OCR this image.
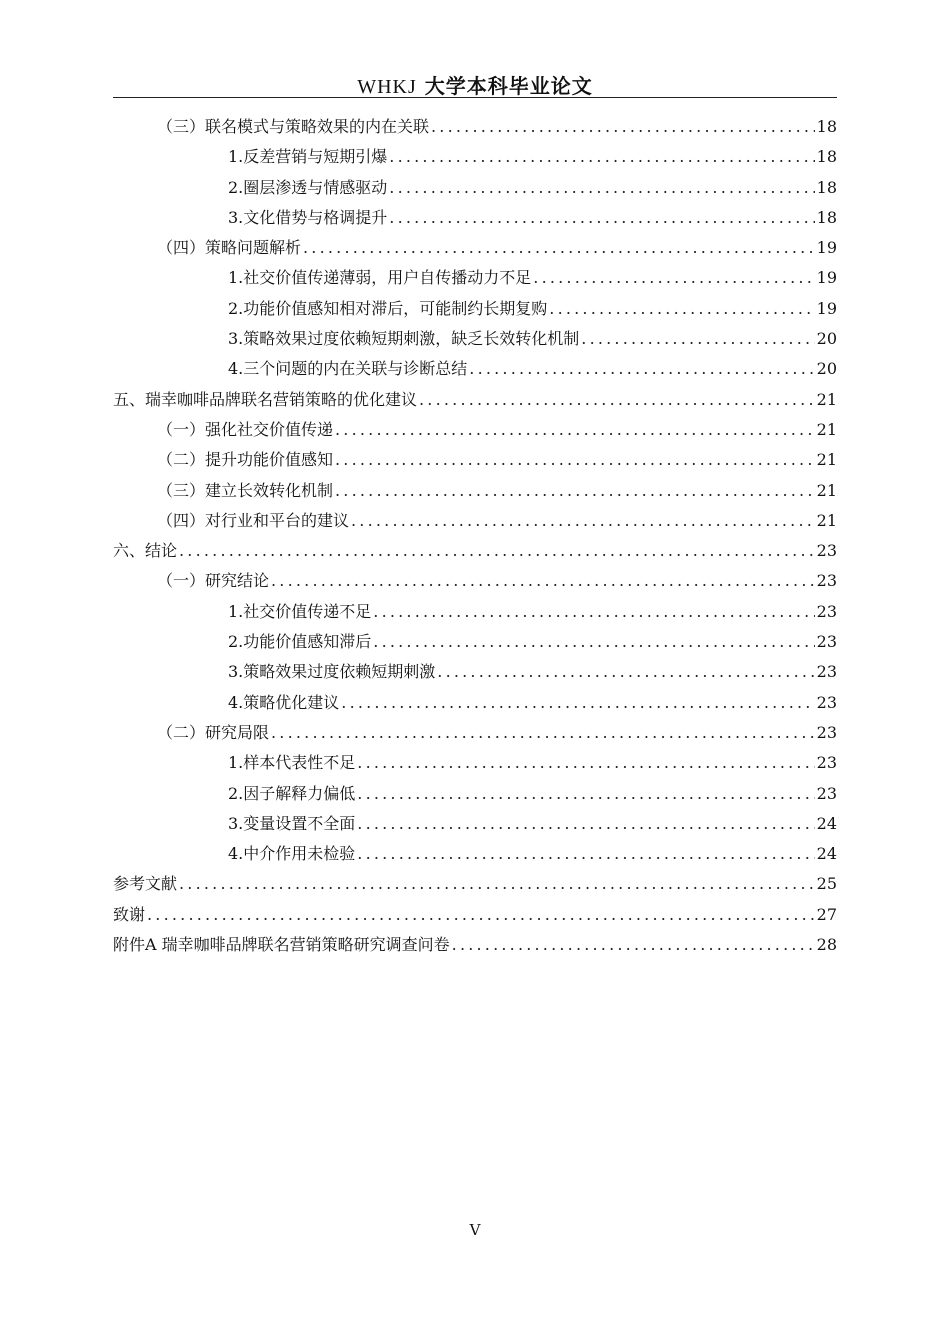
WHKJ 大学本科毕业论文
（三）联名模式与策略效果的内在关联 .....	18
1.反差营销与短期引爆 .....	18
2.圈层渗透与情感驱动 .....	18
3.文化借势与格调提升 .....	18
（四）策略问题解析 .....	19
1.社交价值传递薄弱，用户自传播动力不足 .....	19
2.功能价值感知相对滞后，可能制约长期复购 .....	19
3.策略效果过度依赖短期刺激，缺乏长效转化机制 .....	20
4.三个问题的内在关联与诊断总结 .....	20
五、瑞幸咖啡品牌联名营销策略的优化建议 .....	21
（一）强化社交价值传递 .....	21
（二）提升功能价值感知 .....	21
（三）建立长效转化机制 .....	21
（四）对行业和平台的建议 .....	21
六、结论 .....	23
（一）研究结论 .....	23
1.社交价值传递不足 .....	23
2.功能价值感知滞后 .....	23
3.策略效果过度依赖短期刺激 .....	23
4.策略优化建议 .....	23
（二）研究局限 .....	23
1.样本代表性不足 .....	23
2.因子解释力偏低 .....	23
3.变量设置不全面 .....	24
4.中介作用未检验 .....	24
参考文献 .....	25
致谢 .....	27
附件A 瑞幸咖啡品牌联名营销策略研究调查问卷 .....	28
V
